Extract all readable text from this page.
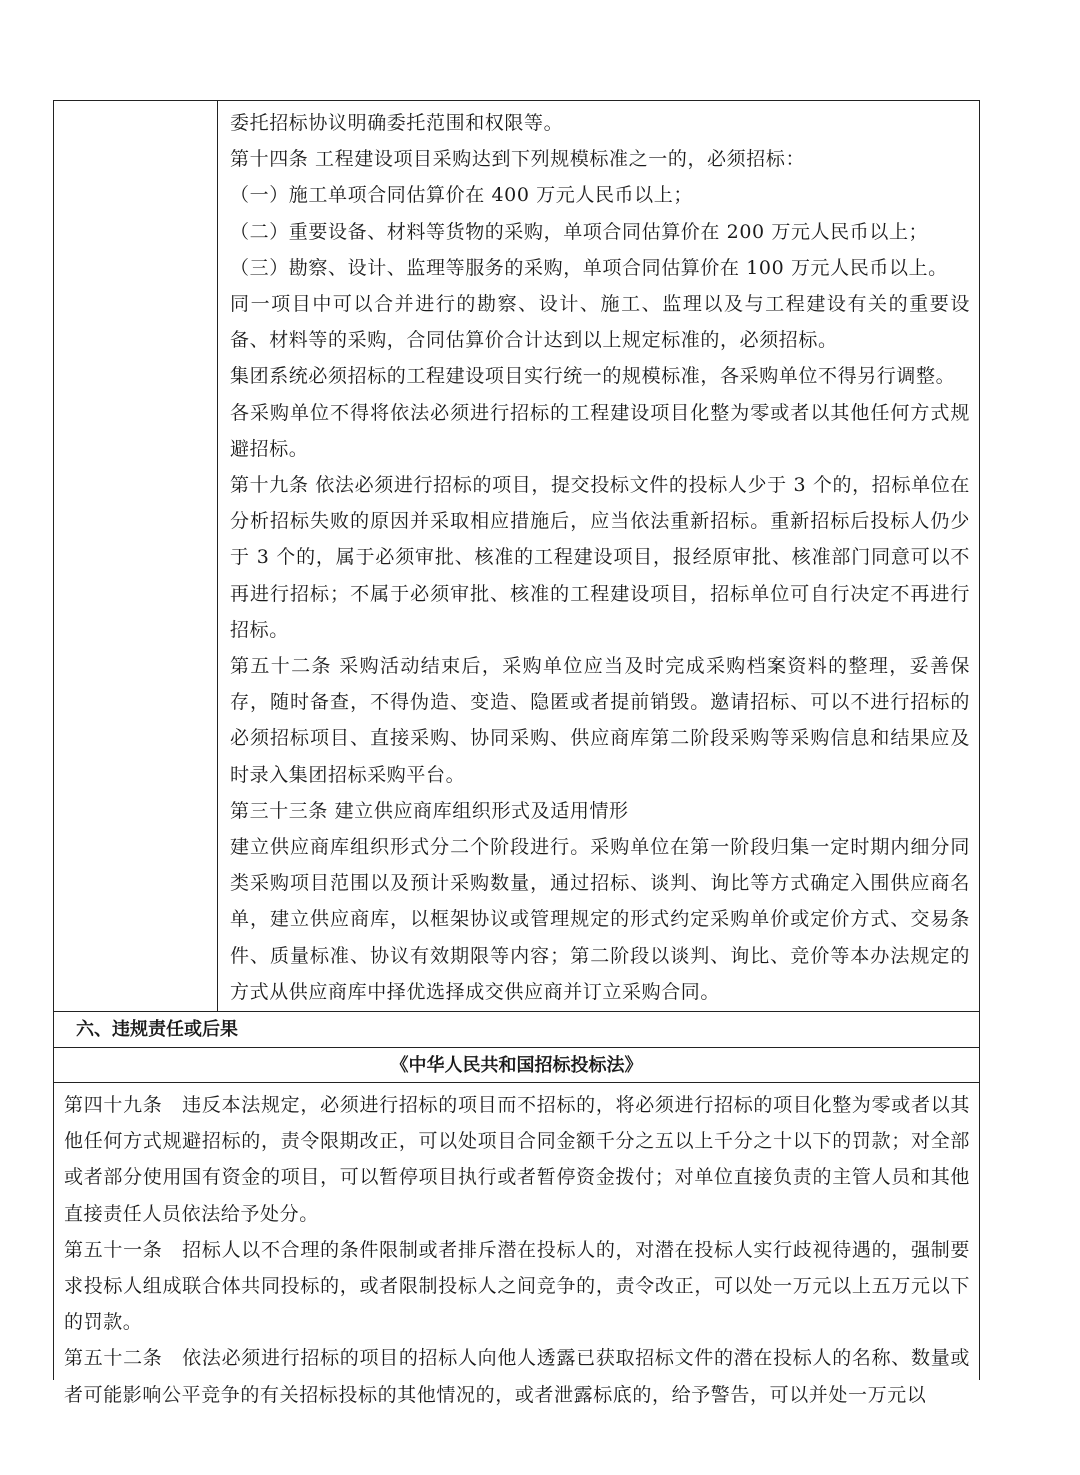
委托招标协议明确委托范围和权限等。

第十四条 工程建设项目采购达到下列规模标准之一的，必须招标：

（一）施工单项合同估算价在 400 万元人民币以上；

（二）重要设备、材料等货物的采购，单项合同估算价在 200 万元人民币以上；

（三）勘察、设计、监理等服务的采购，单项合同估算价在 100 万元人民币以上。

同一项目中可以合并进行的勘察、设计、施工、监理以及与工程建设有关的重要设备、材料等的采购，合同估算价合计达到以上规定标准的，必须招标。

集团系统必须招标的工程建设项目实行统一的规模标准，各采购单位不得另行调整。

各采购单位不得将依法必须进行招标的工程建设项目化整为零或者以其他任何方式规避招标。

第十九条 依法必须进行招标的项目，提交投标文件的投标人少于 3 个的，招标单位在分析招标失败的原因并采取相应措施后，应当依法重新招标。重新招标后投标人仍少于 3 个的，属于必须审批、核准的工程建设项目，报经原审批、核准部门同意可以不再进行招标；不属于必须审批、核准的工程建设项目，招标单位可自行决定不再进行招标。

第五十二条 采购活动结束后，采购单位应当及时完成采购档案资料的整理，妥善保存，随时备查，不得伪造、变造、隐匿或者提前销毁。邀请招标、可以不进行招标的必须招标项目、直接采购、协同采购、供应商库第二阶段采购等采购信息和结果应及时录入集团招标采购平台。

第三十三条 建立供应商库组织形式及适用情形

建立供应商库组织形式分二个阶段进行。采购单位在第一阶段归集一定时期内细分同类采购项目范围以及预计采购数量，通过招标、谈判、询比等方式确定入围供应商名单，建立供应商库，以框架协议或管理规定的形式约定采购单价或定价方式、交易条件、质量标准、协议有效期限等内容；第二阶段以谈判、询比、竞价等本办法规定的方式从供应商库中择优选择成交供应商并订立采购合同。

六、违规责任或后果
《中华人民共和国招标投标法》

第四十九条　违反本法规定，必须进行招标的项目而不招标的，将必须进行招标的项目化整为零或者以其他任何方式规避招标的，责令限期改正，可以处项目合同金额千分之五以上千分之十以下的罚款；对全部或者部分使用国有资金的项目，可以暂停项目执行或者暂停资金拨付；对单位直接负责的主管人员和其他直接责任人员依法给予处分。

第五十一条　招标人以不合理的条件限制或者排斥潜在投标人的，对潜在投标人实行歧视待遇的，强制要求投标人组成联合体共同投标的，或者限制投标人之间竞争的，责令改正，可以处一万元以上五万元以下的罚款。

第五十二条　依法必须进行招标的项目的招标人向他人透露已获取招标文件的潜在投标人的名称、数量或者可能影响公平竞争的有关招标投标的其他情况的，或者泄露标底的，给予警告，可以并处一万元以
